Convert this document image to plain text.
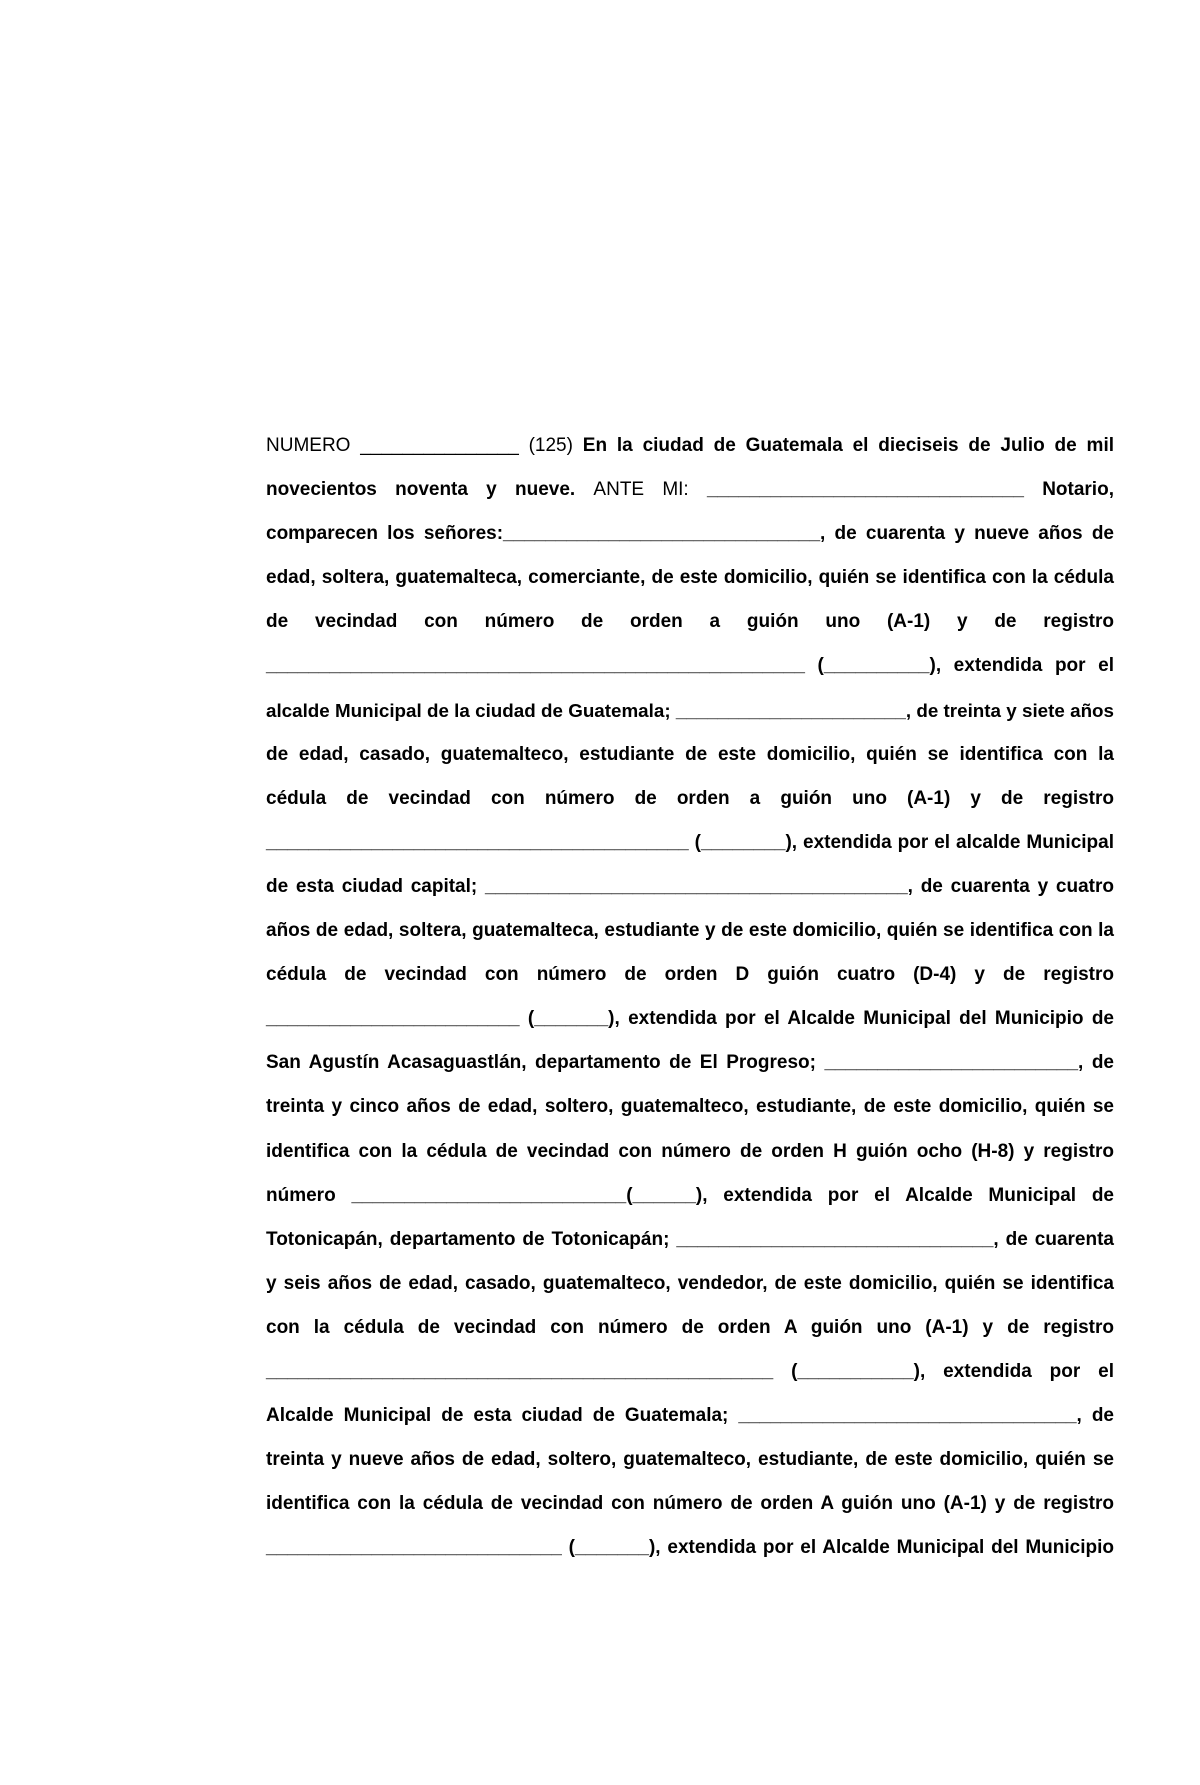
NUMERO _______________ (125) En la ciudad de Guatemala el dieciseis de Julio de mil
novecientos noventa y nueve. ANTE MI: ______________________________ Notario,
comparecen los señores:______________________________, de cuarenta y nueve años de
edad, soltera, guatemalteca, comerciante, de este domicilio, quién se identifica con la cédula
de vecindad con número de orden a guión uno (A-1) y de registro
___________________________________________________ (__________), extendida por el
alcalde Municipal de la ciudad de Guatemala; ______________________, de treinta y siete años
de edad, casado, guatemalteco, estudiante de este domicilio, quién se identifica con la
cédula de vecindad con número de orden a guión uno (A-1) y de registro
________________________________________ (________), extendida por el alcalde Municipal
de esta ciudad capital; ________________________________________, de cuarenta y cuatro
años de edad, soltera, guatemalteca, estudiante y de este domicilio, quién se identifica con la
cédula de vecindad con número de orden D guión cuatro (D-4) y de registro
________________________ (_______), extendida por el Alcalde Municipal del Municipio de
San Agustín Acasaguastlán, departamento de El Progreso; ________________________, de
treinta y cinco años de edad, soltero, guatemalteco, estudiante, de este domicilio, quién se
identifica con la cédula de vecindad con número de orden H guión ocho (H-8) y registro
número __________________________(______), extendida por el Alcalde Municipal de
Totonicapán, departamento de Totonicapán; ______________________________, de cuarenta
y seis años de edad, casado, guatemalteco, vendedor, de este domicilio, quién se identifica
con la cédula de vecindad con número de orden A guión uno (A-1) y de registro
________________________________________________ (___________), extendida por el
Alcalde Municipal de esta ciudad de Guatemala; ________________________________, de
treinta y nueve años de edad, soltero, guatemalteco, estudiante, de este domicilio, quién se
identifica con la cédula de vecindad con número de orden A guión uno (A-1) y de registro
____________________________ (_______), extendida por el Alcalde Municipal del Municipio
